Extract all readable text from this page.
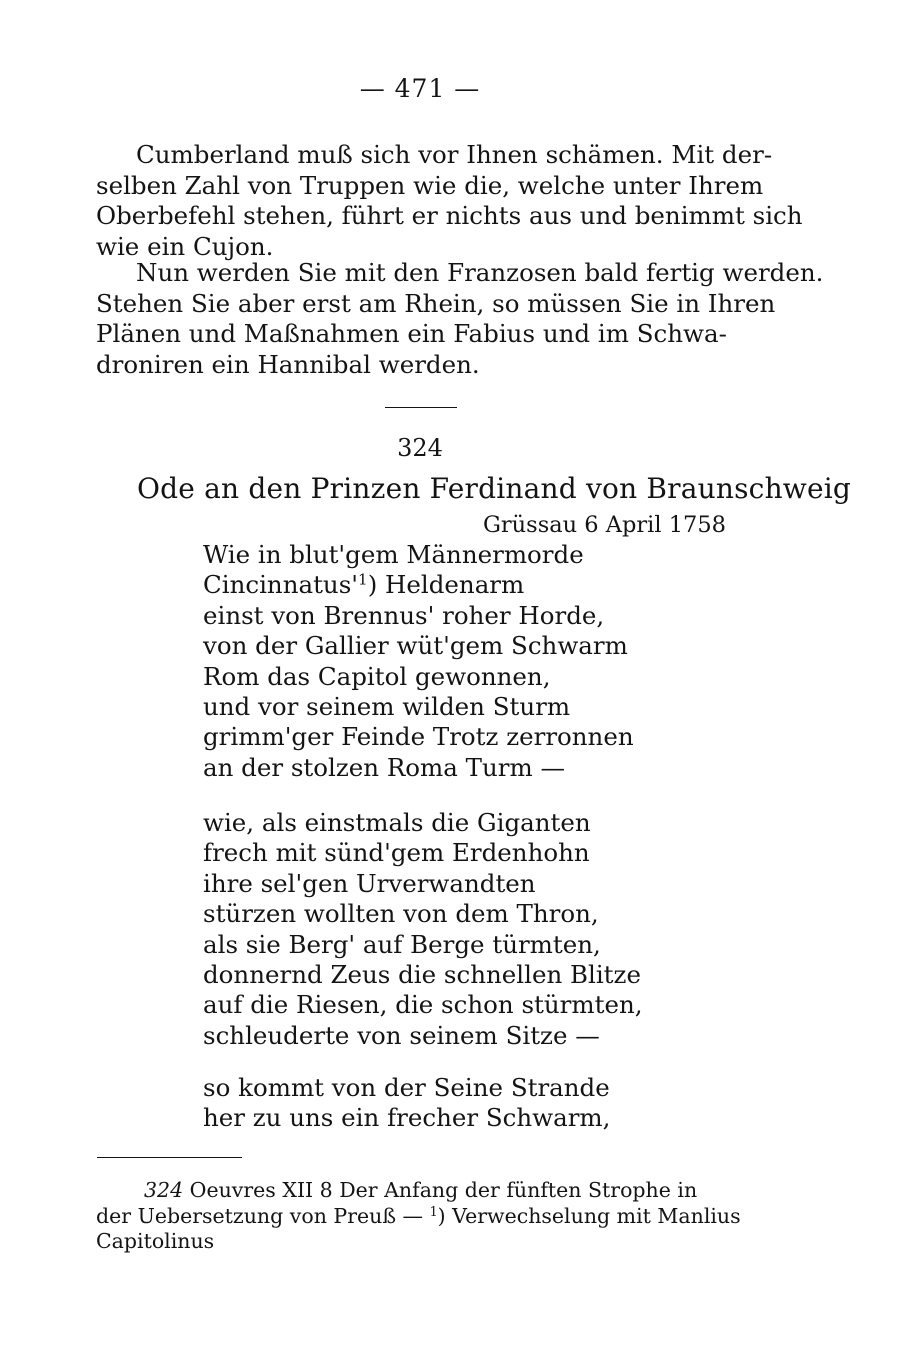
— 471 —

Cumberland muß sich vor Ihnen schämen. Mit der-

selben Zahl von Truppen wie die, welche unter Ihrem

Oberbefehl stehen, führt er nichts aus und benimmt sich

wie ein Cujon.

Nun werden Sie mit den Franzosen bald fertig werden.

Stehen Sie aber erst am Rhein, so müssen Sie in Ihren

Plänen und Maßnahmen ein Fabius und im Schwa-

droniren ein Hannibal werden.

324
Ode an den Prinzen Ferdinand von Braunschweig
Grüssau 6 April 1758
Wie in blut'gem Männermorde
$Cincinnatus'^1$) Heldenarm
einst von Brennus' roher Horde,
von der Gallier wüt'gem Schwarm
Rom das Capitol gewonnen,
und vor seinem wilden Sturm
grimm'ger Feinde Trotz zerronnen
an der stolzen Roma Turm —
wie, als einstmals die Giganten
frech mit sünd'gem Erdenhohn
ihre sel'gen Urverwandten
stürzen wollten von dem Thron,
als sie Berg' auf Berge türmten,
donnernd Zeus die schnellen Blitze
auf die Riesen, die schon stürmten,
schleuderte von seinem Sitze —
so kommt von der Seine Strande
her zu uns ein frecher Schwarm,
324 Oeuvres XII 8 Der Anfang der fünften Strophe in
der Uebersetzung von Preuß — $^1$) Verwechselung mit Manlius
Capitolinus
